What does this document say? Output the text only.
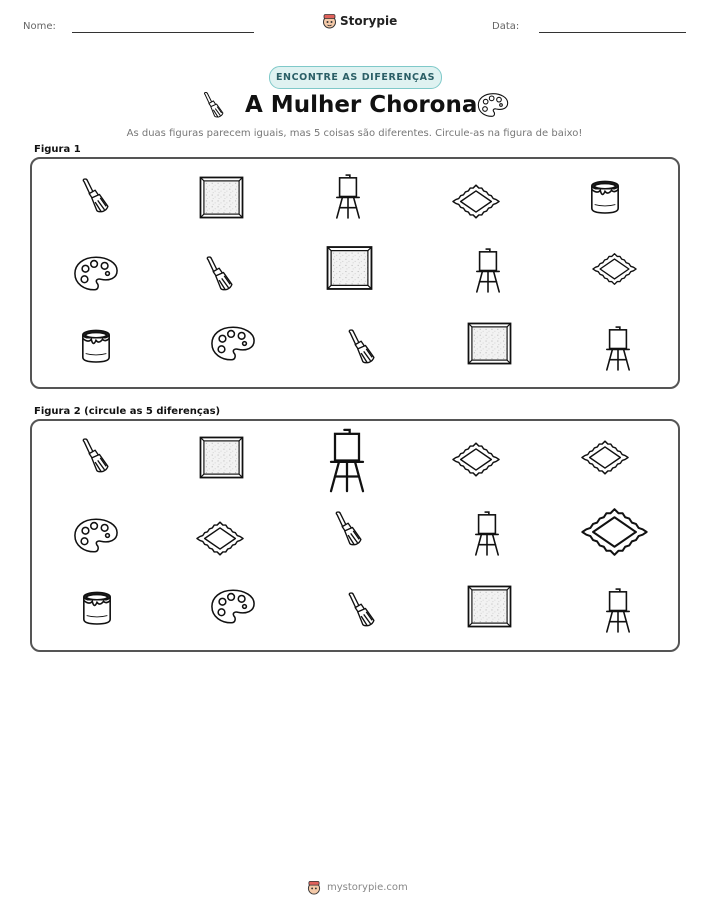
Nome:	Storypie	Data:
ENCONTRE AS DIFERENÇAS
A Mulher Chorona
As duas figuras parecem iguais, mas 5 coisas são diferentes. Circule-as na figura de baixo!
Figura 1
Figura 2 (circule as 5 diferenças)
mystorypie.com
